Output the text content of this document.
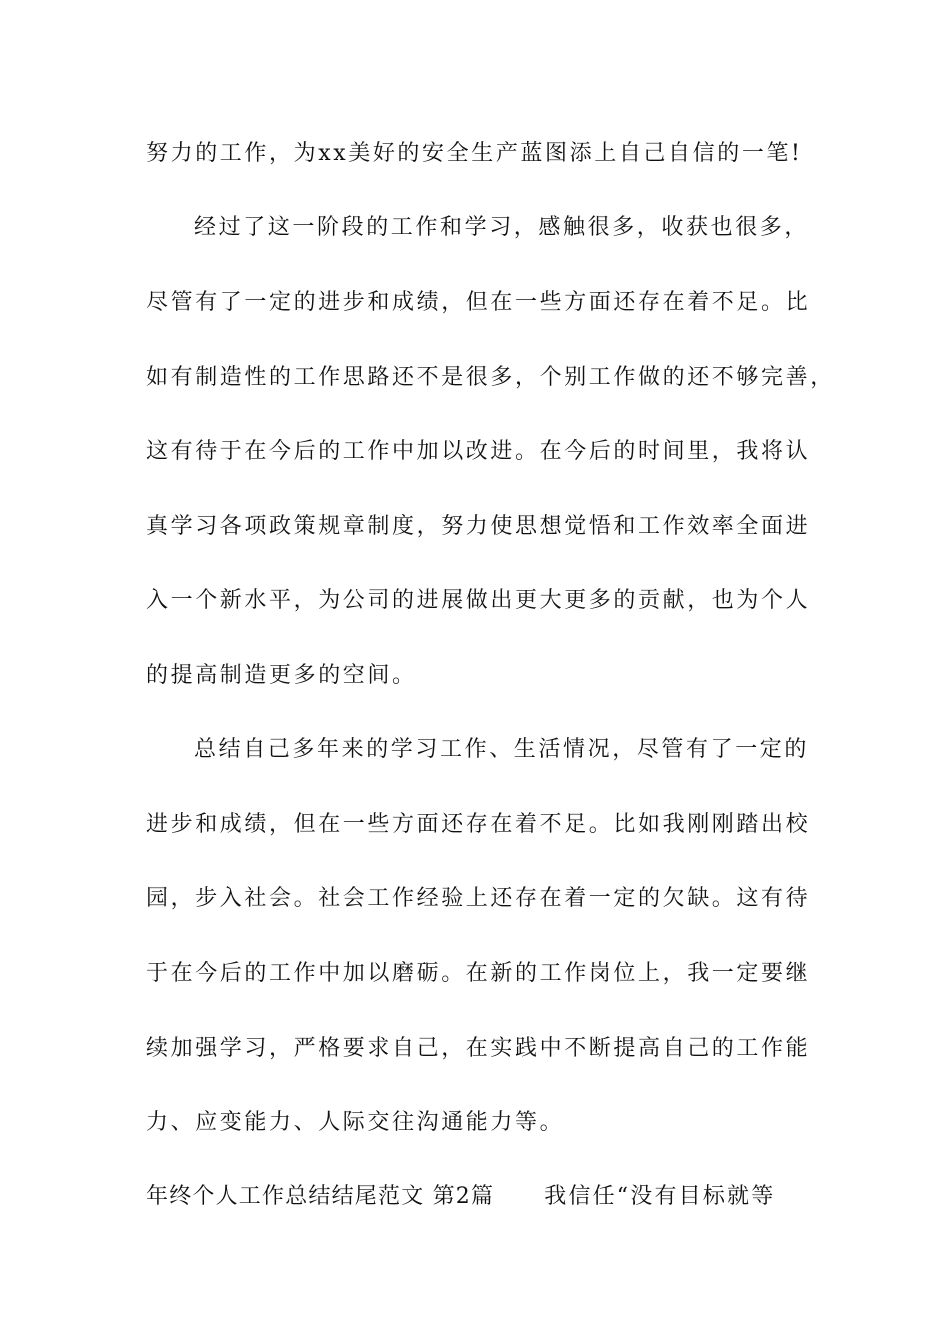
努力的工作，为xx美好的安全生产蓝图添上自己自信的一笔!
经过了这一阶段的工作和学习，感触很多，收获也很多，
尽管有了一定的进步和成绩，但在一些方面还存在着不足。比
如有制造性的工作思路还不是很多，个别工作做的还不够完善，
这有待于在今后的工作中加以改进。在今后的时间里，我将认
真学习各项政策规章制度，努力使思想觉悟和工作效率全面进
入一个新水平，为公司的进展做出更大更多的贡献，也为个人
的提高制造更多的空间。
总结自己多年来的学习工作、生活情况，尽管有了一定的
进步和成绩，但在一些方面还存在着不足。比如我刚刚踏出校
园，步入社会。社会工作经验上还存在着一定的欠缺。这有待
于在今后的工作中加以磨砺。在新的工作岗位上，我一定要继
续加强学习，严格要求自己，在实践中不断提高自己的工作能
力、应变能力、人际交往沟通能力等。
年终个人工作总结结尾范文 第2篇 我信任“没有目标就等
